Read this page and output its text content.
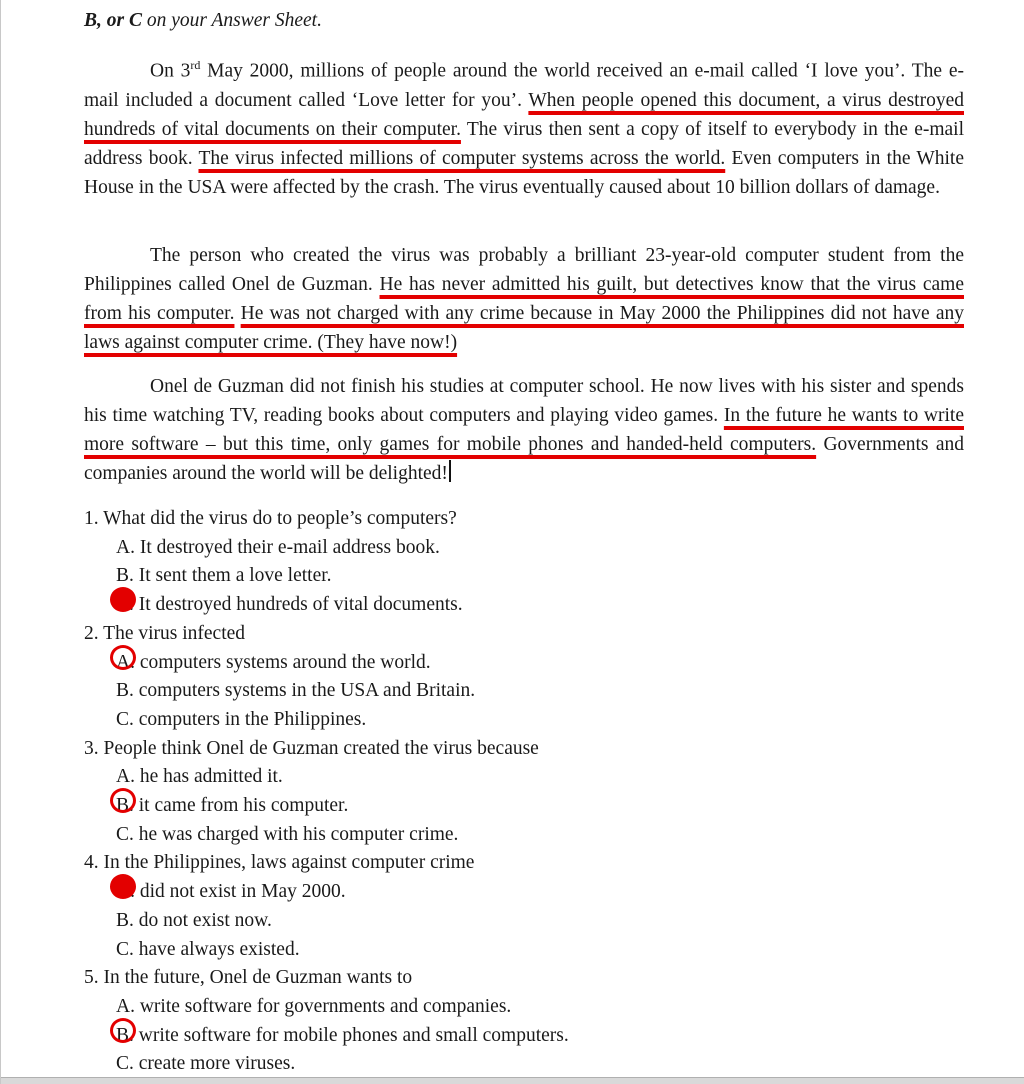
B, or C on your Answer Sheet.

On 3rd May 2000, millions of people around the world received an e-mail called ‘I love you’. The e-mail included a document called ‘Love letter for you’. When people opened this document, a virus destroyed hundreds of vital documents on their computer. The virus then sent a copy of itself to everybody in the e-mail address book. The virus infected millions of computer systems across the world. Even computers in the White House in the USA were affected by the crash. The virus eventually caused about 10 billion dollars of damage.

The person who created the virus was probably a brilliant 23-year-old computer student from the Philippines called Onel de Guzman. He has never admitted his guilt, but detectives know that the virus came from his computer. He was not charged with any crime because in May 2000 the Philippines did not have any laws against computer crime. (They have now!)

Onel de Guzman did not finish his studies at computer school. He now lives with his sister and spends his time watching TV, reading books about computers and playing video games. In the future he wants to write more software – but this time, only games for mobile phones and handed-held computers. Governments and companies around the world will be delighted!

1. What did the virus do to people’s computers?
A. It destroyed their e-mail address book.
B. It sent them a love letter.
It destroyed hundreds of vital documents.
2. The virus infected
A. computers systems around the world.
B. computers systems in the USA and Britain.
C. computers in the Philippines.
3. People think Onel de Guzman created the virus because
A. he has admitted it.
B. it came from his computer.
C. he was charged with his computer crime.
4. In the Philippines, laws against computer crime
did not exist in May 2000.
B. do not exist now.
C. have always existed.
5. In the future, Onel de Guzman wants to
A. write software for governments and companies.
B. write software for mobile phones and small computers.
C. create more viruses.
